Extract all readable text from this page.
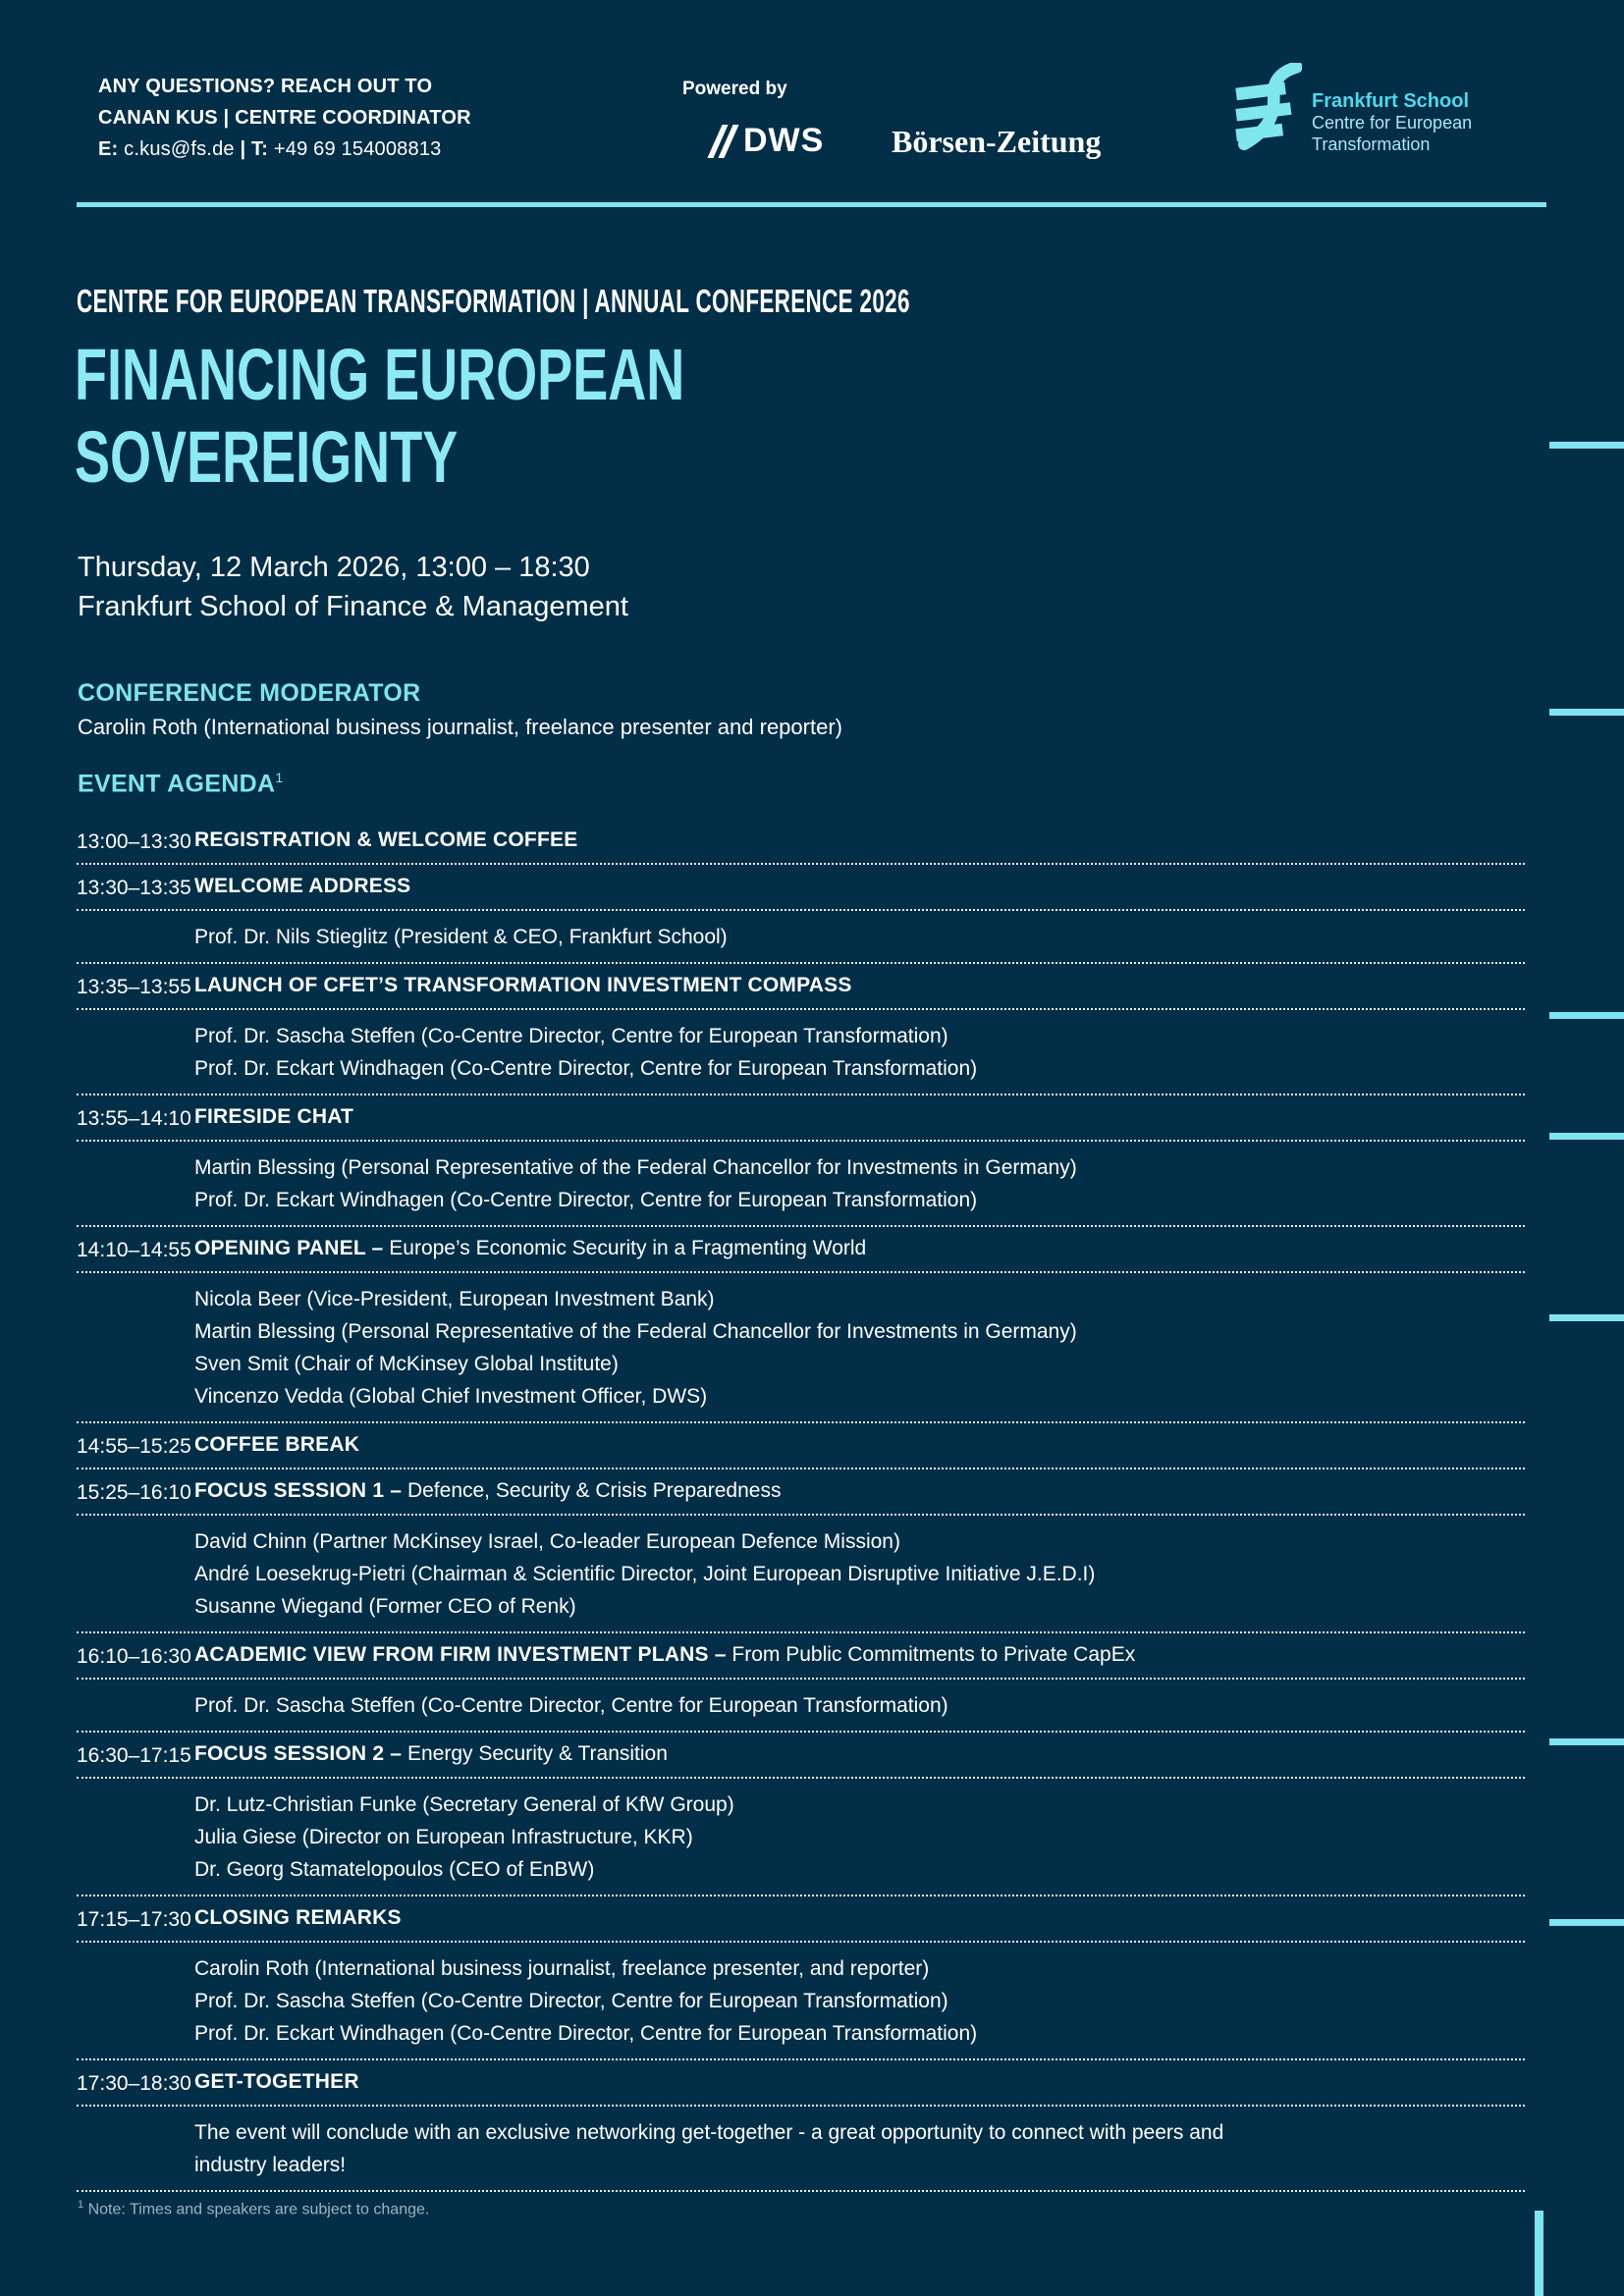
ANY QUESTIONS? REACH OUT TO
CANAN KUS | CENTRE COORDINATOR
E: c.kus@fs.de | T: +49 69 154008813
Powered by
DWS Börsen-Zeitung
Frankfurt School
Centre for European
Transformation
CENTRE FOR EUROPEAN TRANSFORMATION | ANNUAL CONFERENCE 2026
FINANCING EUROPEAN
SOVEREIGNTY
Thursday, 12 March 2026, 13:00 – 18:30
Frankfurt School of Finance & Management
CONFERENCE MODERATOR
Carolin Roth (International business journalist, freelance presenter and reporter)
EVENT AGENDA$^1$
13:00–13:30 REGISTRATION & WELCOME COFFEE
13:30–13:35 WELCOME ADDRESS
Prof. Dr. Nils Stieglitz (President & CEO, Frankfurt School)
13:35–13:55 LAUNCH OF CFET’S TRANSFORMATION INVESTMENT COMPASS
Prof. Dr. Sascha Steffen (Co-Centre Director, Centre for European Transformation)
Prof. Dr. Eckart Windhagen (Co-Centre Director, Centre for European Transformation)
13:55–14:10 FIRESIDE CHAT
Martin Blessing (Personal Representative of the Federal Chancellor for Investments in Germany)
Prof. Dr. Eckart Windhagen (Co-Centre Director, Centre for European Transformation)
14:10–14:55 OPENING PANEL – Europe’s Economic Security in a Fragmenting World
Nicola Beer (Vice-President, European Investment Bank)
Martin Blessing (Personal Representative of the Federal Chancellor for Investments in Germany)
Sven Smit (Chair of McKinsey Global Institute)
Vincenzo Vedda (Global Chief Investment Officer, DWS)
14:55–15:25 COFFEE BREAK
15:25–16:10 FOCUS SESSION 1 – Defence, Security & Crisis Preparedness
David Chinn (Partner McKinsey Israel, Co-leader European Defence Mission)
André Loesekrug-Pietri (Chairman & Scientific Director, Joint European Disruptive Initiative J.E.D.I)
Susanne Wiegand (Former CEO of Renk)
16:10–16:30 ACADEMIC VIEW FROM FIRM INVESTMENT PLANS – From Public Commitments to Private CapEx
Prof. Dr. Sascha Steffen (Co-Centre Director, Centre for European Transformation)
16:30–17:15 FOCUS SESSION 2 – Energy Security & Transition
Dr. Lutz-Christian Funke (Secretary General of KfW Group)
Julia Giese (Director on European Infrastructure, KKR)
Dr. Georg Stamatelopoulos (CEO of EnBW)
17:15–17:30 CLOSING REMARKS
Carolin Roth (International business journalist, freelance presenter, and reporter)
Prof. Dr. Sascha Steffen (Co-Centre Director, Centre for European Transformation)
Prof. Dr. Eckart Windhagen (Co-Centre Director, Centre for European Transformation)
17:30–18:30 GET-TOGETHER
The event will conclude with an exclusive networking get-together - a great opportunity to connect with peers and industry leaders!
$^1$ Note: Times and speakers are subject to change.
